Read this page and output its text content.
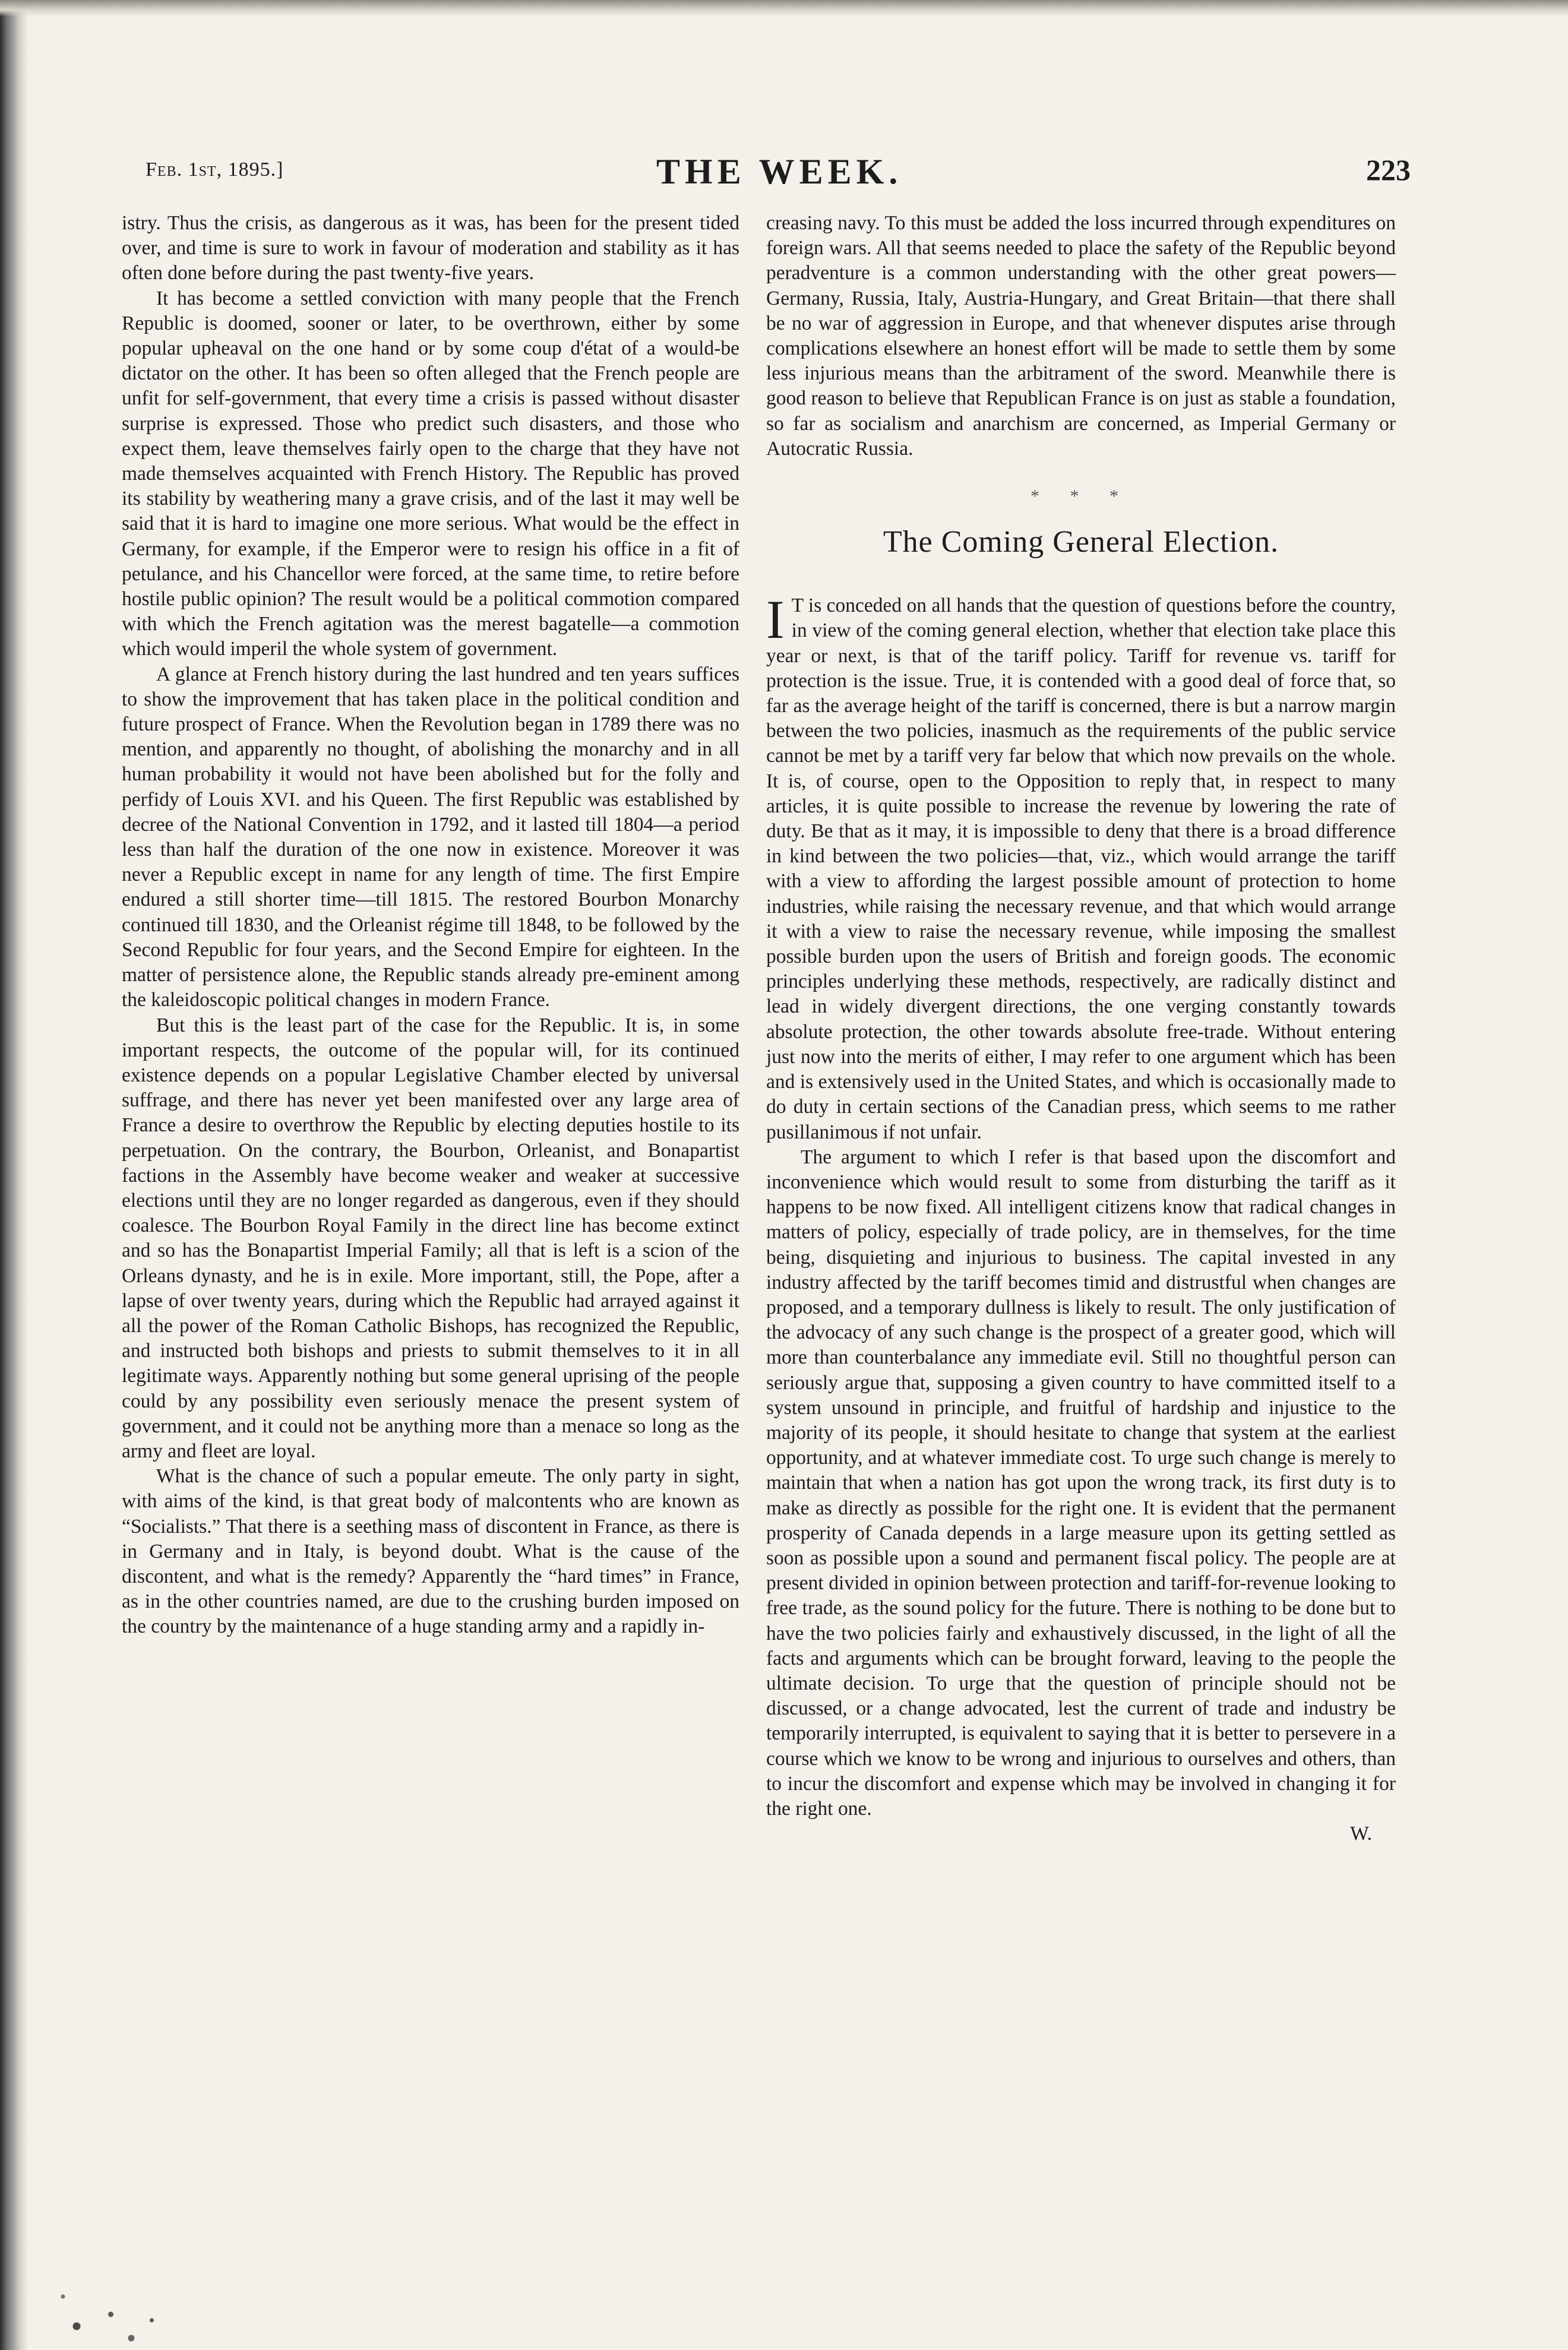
Feb. 1st, 1895.]	THE WEEK.	223

istry. Thus the crisis, as dangerous as it was, has been for the present tided over, and time is sure to work in favour of moderation and stability as it has often done before during the past twenty-five years.

It has become a settled conviction with many people that the French Republic is doomed, sooner or later, to be overthrown, either by some popular upheaval on the one hand or by some coup d'état of a would-be dictator on the other. It has been so often alleged that the French people are unfit for self-government, that every time a crisis is passed without disaster surprise is expressed. Those who predict such disasters, and those who expect them, leave themselves fairly open to the charge that they have not made themselves acquainted with French History. The Republic has proved its stability by weathering many a grave crisis, and of the last it may well be said that it is hard to imagine one more serious. What would be the effect in Germany, for example, if the Emperor were to resign his office in a fit of petulance, and his Chancellor were forced, at the same time, to retire before hostile public opinion? The result would be a political commotion compared with which the French agitation was the merest bagatelle—a commotion which would imperil the whole system of government.

A glance at French history during the last hundred and ten years suffices to show the improvement that has taken place in the political condition and future prospect of France. When the Revolution began in 1789 there was no mention, and apparently no thought, of abolishing the monarchy and in all human probability it would not have been abolished but for the folly and perfidy of Louis XVI. and his Queen. The first Republic was established by decree of the National Convention in 1792, and it lasted till 1804—a period less than half the duration of the one now in existence. Moreover it was never a Republic except in name for any length of time. The first Empire endured a still shorter time—till 1815. The restored Bourbon Monarchy continued till 1830, and the Orleanist régime till 1848, to be followed by the Second Republic for four years, and the Second Empire for eighteen. In the matter of persistence alone, the Republic stands already pre-eminent among the kaleidoscopic political changes in modern France.

But this is the least part of the case for the Republic. It is, in some important respects, the outcome of the popular will, for its continued existence depends on a popular Legislative Chamber elected by universal suffrage, and there has never yet been manifested over any large area of France a desire to overthrow the Republic by electing deputies hostile to its perpetuation. On the contrary, the Bourbon, Orleanist, and Bonapartist factions in the Assembly have become weaker and weaker at successive elections until they are no longer regarded as dangerous, even if they should coalesce. The Bourbon Royal Family in the direct line has become extinct and so has the Bonapartist Imperial Family; all that is left is a scion of the Orleans dynasty, and he is in exile. More important, still, the Pope, after a lapse of over twenty years, during which the Republic had arrayed against it all the power of the Roman Catholic Bishops, has recognized the Republic, and instructed both bishops and priests to submit themselves to it in all legitimate ways. Apparently nothing but some general uprising of the people could by any possibility even seriously menace the present system of government, and it could not be anything more than a menace so long as the army and fleet are loyal.

What is the chance of such a popular emeute. The only party in sight, with aims of the kind, is that great body of malcontents who are known as “Socialists.” That there is a seething mass of discontent in France, as there is in Germany and in Italy, is beyond doubt. What is the cause of the discontent, and what is the remedy? Apparently the “hard times” in France, as in the other countries named, are due to the crushing burden imposed on the country by the maintenance of a huge standing army and a rapidly in-

creasing navy. To this must be added the loss incurred through expenditures on foreign wars. All that seems needed to place the safety of the Republic beyond peradventure is a common understanding with the other great powers—Germany, Russia, Italy, Austria-Hungary, and Great Britain—that there shall be no war of aggression in Europe, and that whenever disputes arise through complications elsewhere an honest effort will be made to settle them by some less injurious means than the arbitrament of the sword. Meanwhile there is good reason to believe that Republican France is on just as stable a foundation, so far as socialism and anarchism are concerned, as Imperial Germany or Autocratic Russia.

* * *
The Coming General Election.

I T is conceded on all hands that the question of questions before the country, in view of the coming general election, whether that election take place this year or next, is that of the tariff policy. Tariff for revenue vs. tariff for protection is the issue. True, it is contended with a good deal of force that, so far as the average height of the tariff is concerned, there is but a narrow margin between the two policies, inasmuch as the requirements of the public service cannot be met by a tariff very far below that which now prevails on the whole. It is, of course, open to the Opposition to reply that, in respect to many articles, it is quite possible to increase the revenue by lowering the rate of duty. Be that as it may, it is impossible to deny that there is a broad difference in kind between the two policies—that, viz., which would arrange the tariff with a view to affording the largest possible amount of protection to home industries, while raising the necessary revenue, and that which would arrange it with a view to raise the necessary revenue, while imposing the smallest possible burden upon the users of British and foreign goods. The economic principles underlying these methods, respectively, are radically distinct and lead in widely divergent directions, the one verging constantly towards absolute protection, the other towards absolute free-trade. Without entering just now into the merits of either, I may refer to one argument which has been and is extensively used in the United States, and which is occasionally made to do duty in certain sections of the Canadian press, which seems to me rather pusillanimous if not unfair.

The argument to which I refer is that based upon the discomfort and inconvenience which would result to some from disturbing the tariff as it happens to be now fixed. All intelligent citizens know that radical changes in matters of policy, especially of trade policy, are in themselves, for the time being, disquieting and injurious to business. The capital invested in any industry affected by the tariff becomes timid and distrustful when changes are proposed, and a temporary dullness is likely to result. The only justification of the advocacy of any such change is the prospect of a greater good, which will more than counterbalance any immediate evil. Still no thoughtful person can seriously argue that, supposing a given country to have committed itself to a system unsound in principle, and fruitful of hardship and injustice to the majority of its people, it should hesitate to change that system at the earliest opportunity, and at whatever immediate cost. To urge such change is merely to maintain that when a nation has got upon the wrong track, its first duty is to make as directly as possible for the right one. It is evident that the permanent prosperity of Canada depends in a large measure upon its getting settled as soon as possible upon a sound and permanent fiscal policy. The people are at present divided in opinion between protection and tariff-for-revenue looking to free trade, as the sound policy for the future. There is nothing to be done but to have the two policies fairly and exhaustively discussed, in the light of all the facts and arguments which can be brought forward, leaving to the people the ultimate decision. To urge that the question of principle should not be discussed, or a change advocated, lest the current of trade and industry be temporarily interrupted, is equivalent to saying that it is better to persevere in a course which we know to be wrong and injurious to ourselves and others, than to incur the discomfort and expense which may be involved in changing it for the right one.

W.
